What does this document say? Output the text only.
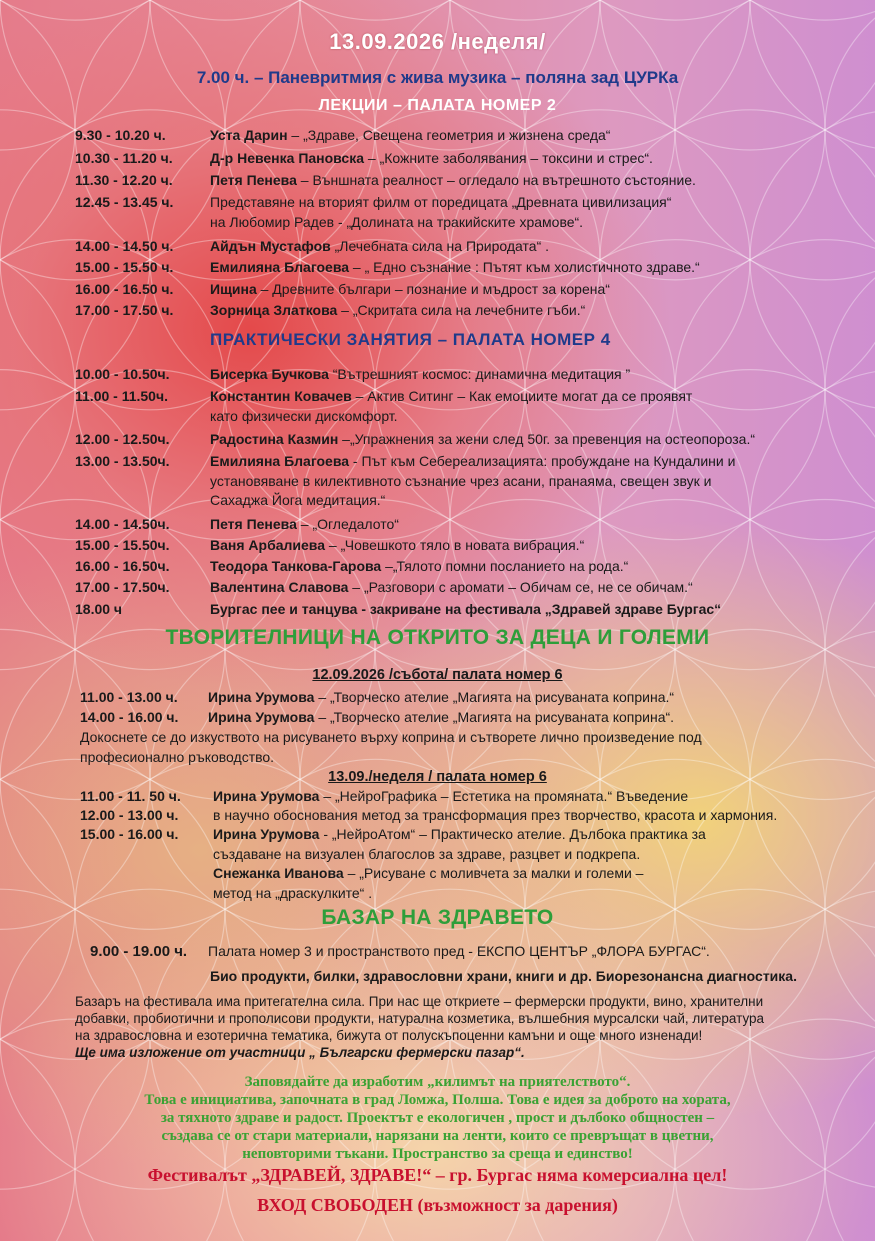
13.09.2026 /неделя/
7.00 ч. – Паневритмия с жива музика – поляна зад ЦУРКа
ЛЕКЦИИ – ПАЛАТА НОМЕР 2
9.30 - 10.20 ч.	Уста Дарин – „Здраве, Свещена геометрия и жизнена среда“
10.30 - 11.20 ч.	Д-р Невенка Пановска – „Кожните заболявания – токсини и стрес“.
11.30 - 12.20 ч.	Петя Пенева – Външната реалност – огледало на вътрешното състояние.
12.45 - 13.45 ч.	Представяне на вторият филм от поредицата „Древната цивилизация“
на Любомир Радев - „Долината на тракийските храмове“.
14.00 - 14.50 ч.	Айдън Мустафов „Лечебната сила на Природата“ .
15.00 - 15.50 ч.	Емилияна Благоева – „ Едно съзнание : Пътят към холистичното здраве.“
16.00 - 16.50 ч.	Ищина – Древните българи – познание и мъдрост за корена“
17.00 - 17.50 ч.	Зорница Златкова – „Скритата сила на лечебните гъби.“
ПРАКТИЧЕСКИ ЗАНЯТИЯ – ПАЛАТА НОМЕР 4
10.00 - 10.50ч.	Бисерка Бучкова “Вътрешният космос: динамична медитация ”
11.00 - 11.50ч.	Константин Ковачев – Актив Ситинг – Как емоциите могат да се проявят
като физически дискомфорт.
12.00 - 12.50ч.	Радостина Казмин –„Упражнения за жени след 50г. за превенция на остеопороза.“
13.00 - 13.50ч.	Емилияна Благоева - Път към Себереализацията: пробуждане на Кундалини и
установяване в килективното съзнание чрез асани, пранаяма, свещен звук и
Сахаджа Йога медитация.“
14.00 - 14.50ч.	Петя Пенева – „Огледалото“
15.00 - 15.50ч.	Ваня Арбалиева – „Човешкото тяло в новата вибрация.“
16.00 - 16.50ч.	Теодора Танкова-Гарова –„Тялото помни посланието на рода.“
17.00 - 17.50ч.	Валентина Славова – „Разговори с аромати – Обичам се, не се обичам.“
18.00 ч	Бургас пее и танцува - закриване на фестивала „Здравей здраве Бургас“
ТВОРИТЕЛНИЦИ НА ОТКРИТО ЗА ДЕЦА И ГОЛЕМИ
12.09.2026 /събота/ палата номер 6
11.00 - 13.00 ч. Ирина Урумова – „Творческо ателие „Магията на рисуваната коприна.“
14.00 - 16.00 ч. Ирина Урумова – „Творческо ателие „Магията на рисуваната коприна“.
Докоснете се до изкуството на рисуването върху коприна и сътворете лично произведение под
професионално ръководство.
13.09./неделя / палата номер 6
11.00 - 11. 50 ч. Ирина Урумова – „НейроГрафика – Естетика на промяната.“ Въведение
12.00 - 13.00 ч. в научно обоснования метод за трансформация през творчество, красота и хармония.
15.00 - 16.00 ч. Ирина Урумова - „НейроАтом“ – Практическо ателие. Дълбока практика за
създаване на визуален благослов за здраве, разцвет и подкрепа.
Снежанка Иванова – „Рисуване с моливчета за малки и големи –
метод на „драскулките“ .
БАЗАР НА ЗДРАВЕТО
9.00 - 19.00 ч. Палата номер 3 и пространството пред - ЕКСПО ЦЕНТЪР „ФЛОРА БУРГАС“.
Био продукти, билки, здравословни храни, книги и др. Биорезонансна диагностика.
Базаръ на фестивала има притегателна сила. При нас ще откриете – фермерски продукти, вино, хранителни
добавки, пробиотични и прополисови продукти, натурална козметика, вълшебния мурсалски чай, литература
на здравословна и езотерична тематика, бижута от полускъпоценни камъни и още много изненади!
Ще има изложение от участници „ Български фермерски пазар“.
Заповядайте да изработим „килимът на приятелството“.
Това е инициатива, започната в град Ломжа, Полша. Това е идея за доброто на хората,
за тяхното здраве и радост. Проектът е екологичен , прост и дълбоко общностен –
създава се от стари материали, нарязани на ленти, които се превръщат в цветни,
неповторими тъкани. Пространство за среща и единство!
Фестивалът „ЗДРАВЕЙ, ЗДРАВЕ!“ – гр. Бургас няма комерсиална цел!
ВХОД СВОБОДЕН (възможност за дарения)
